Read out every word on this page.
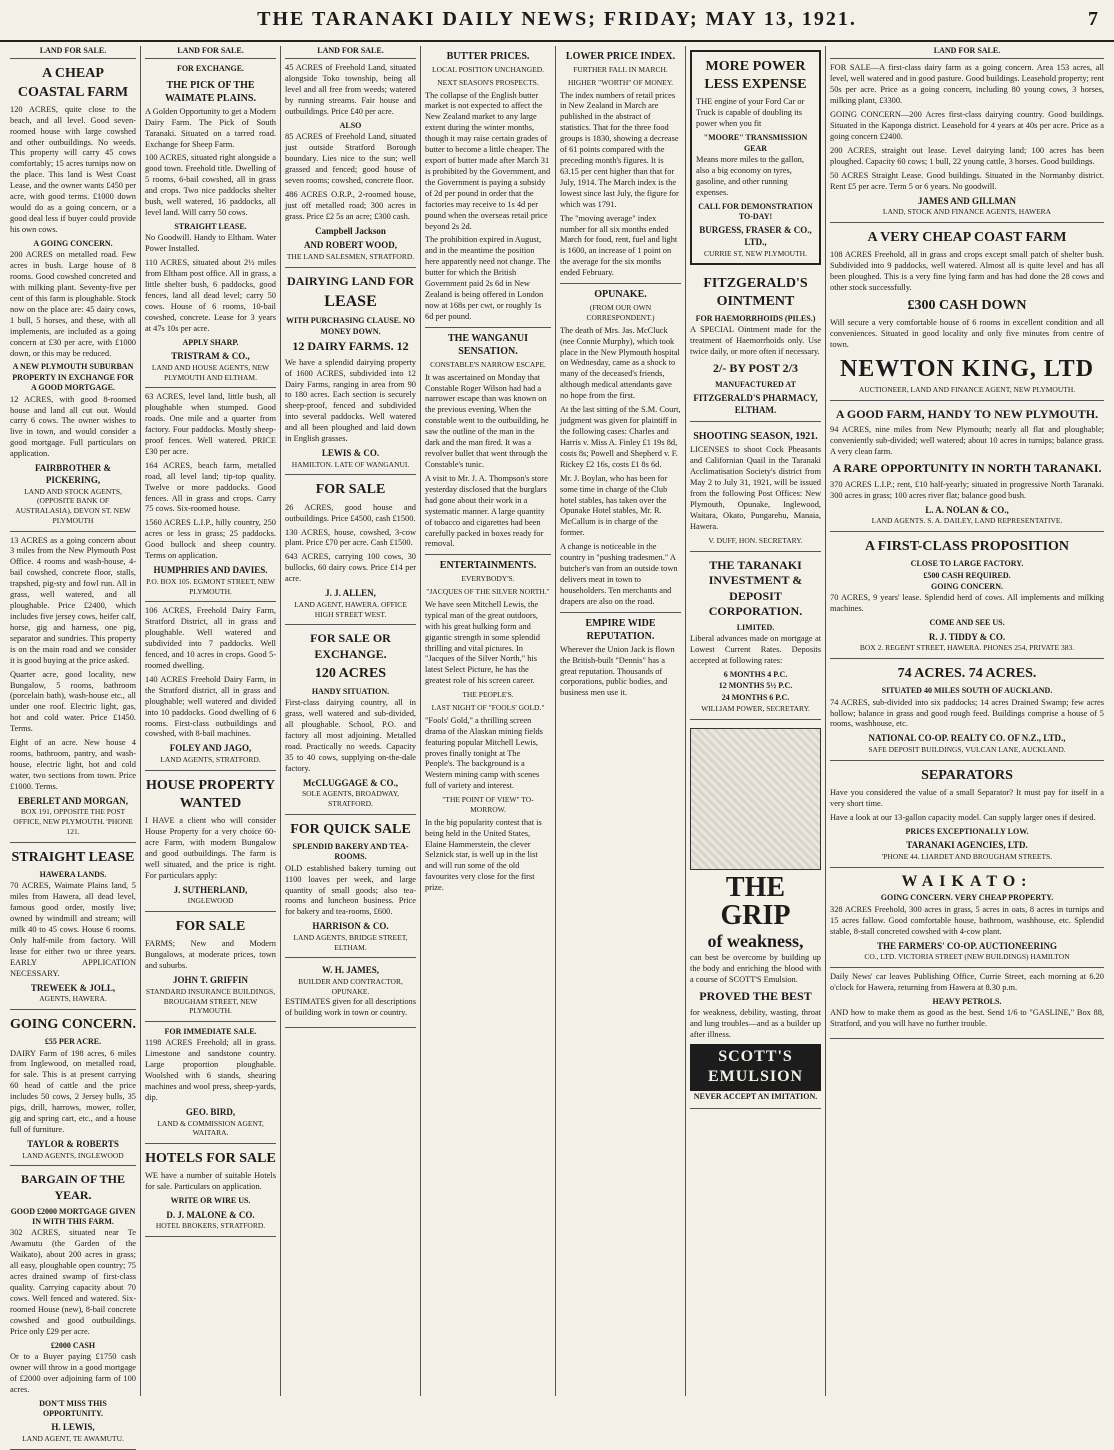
THE TARANAKI DAILY NEWS; FRIDAY; MAY 13, 1921.	7
LAND FOR SALE.
A CHEAP COASTAL FARM

120 ACRES, quite close to the beach, and all level. Good seven-roomed house with large cowshed and other outbuildings. No weeds. This property will carry 45 cows comfortably; 15 acres turnips now on the place. This land is West Coast Lease, and the owner wants £450 per acre, with good terms. £1000 down would do as a going concern, or a good deal less if buyer could provide his own cows.

A GOING CONCERN.

200 ACRES on metalled road. Few acres in bush. Large house of 8 rooms. Good cowshed concreted and with milking plant. Seventy-five per cent of this farm is ploughable. Stock now on the place are: 45 dairy cows, 1 bull, 5 horses, and these, with all implements, are included as a going concern at £30 per acre, with £1000 down, or this may be reduced.

A NEW PLYMOUTH SUBURBAN PROPERTY IN EXCHANGE FOR A GOOD MORTGAGE.

12 ACRES, with good 8-roomed house and land all cut out. Would carry 6 cows. The owner wishes to live in town, and would consider a good mortgage. Full particulars on application.

FAIRBROTHER & PICKERING,
LAND AND STOCK AGENTS, (OPPOSITE BANK OF AUSTRALASIA), DEVON ST. NEW PLYMOUTH

13 ACRES as a going concern about 3 miles from the New Plymouth Post Office. 4 rooms and wash-house, 4-bail cowshed, concrete floor, stalls, trapshed, pig-sty and fowl run. All in grass, well watered, and all ploughable. Price £2400, which includes five jersey cows, heifer calf, horse, gig and harness, one pig, separator and sundries. This property is on the main road and we consider it is good buying at the price asked.

Quarter acre, good locality, new Bungalow, 5 rooms, bathroom (porcelain bath), wash-house etc., all under one roof. Electric light, gas, hot and cold water. Price £1450. Terms.

Eight of an acre. New house 4 rooms, bathroom, pantry, and wash-house, electric light, hot and cold water, two sections from town. Price £1000. Terms.

EBERLET AND MORGAN,
BOX 191, OPPOSITE THE POST OFFICE, NEW PLYMOUTH. 'PHONE 121.
STRAIGHT LEASE
HAWERA LANDS.

70 ACRES, Waimate Plains land, 5 miles from Hawera, all dead level, famous good order, mostly live; owned by windmill and stream; will milk 40 to 45 cows. House 6 rooms. Only half-mile from factory. Will lease for either two or three years. EARLY APPLICATION NECESSARY.

TREWEEK & JOLL,
AGENTS, HAWERA.
GOING CONCERN.
£55 PER ACRE.

DAIRY Farm of 198 acres, 6 miles from Inglewood, on metalled road, for sale. This is at present carrying 60 head of cattle and the price includes 50 cows, 2 Jersey bulls, 35 pigs, drill, harrows, mower, roller, gig and spring cart, etc., and a house full of furniture.

TAYLOR & ROBERTS
LAND AGENTS, INGLEWOOD
BARGAIN OF THE YEAR.
GOOD £2000 MORTGAGE GIVEN IN WITH THIS FARM.

302 ACRES, situated near Te Awamutu (the Garden of the Waikato), about 200 acres in grass; all easy, ploughable open country; 75 acres drained swamp of first-class quality. Carrying capacity about 70 cows. Well fenced and watered. Six-roomed House (new), 8-bail concrete cowshed and good outbuildings. Price only £29 per acre.

£2000 CASH

Or to a Buyer paying £1750 cash owner will throw in a good mortgage of £2000 over adjoining farm of 100 acres.

DON'T MISS THIS OPPORTUNITY.
H. LEWIS,
LAND AGENT, TE AWAMUTU.
LAND FOR SALE.
FOR EXCHANGE.
THE PICK OF THE WAIMATE PLAINS.

A Golden Opportunity to get a Modern Dairy Farm. The Pick of South Taranaki. Situated on a tarred road. Exchange for Sheep Farm.

100 ACRES, situated right alongside a good town. Freehold title. Dwelling of 5 rooms, 6-bail cowshed, all in grass and crops. Two nice paddocks shelter bush, well watered, 16 paddocks, all level land. Will carry 50 cows.

STRAIGHT LEASE.

No Goodwill. Handy to Eltham. Water Power Installed.

110 ACRES, situated about 2½ miles from Eltham post office. All in grass, a little shelter bush, 6 paddocks, good fences, land all dead level; carry 50 cows. House of 6 rooms, 10-bail cowshed, concrete. Lease for 3 years at 47s 10s per acre.

APPLY SHARP.
TRISTRAM & CO.,
LAND AND HOUSE AGENTS, NEW PLYMOUTH AND ELTHAM.

63 ACRES, level land, little bush, all ploughable when stumped. Good roads. One mile and a quarter from factory. Four paddocks. Mostly sheep-proof fences. Well watered. PRICE £30 per acre.

164 ACRES, beach farm, metalled road, all level land; tip-top quality. Twelve or more paddocks. Good fences. All in grass and crops. Carry 75 cows. Six-roomed house.

1560 ACRES L.I.P., hilly country, 250 acres or less in grass; 25 paddocks. Good bullock and sheep country. Terms on application.

HUMPHRIES AND DAVIES.
P.O. BOX 105. EGMONT STREET, NEW PLYMOUTH.

106 ACRES, Freehold Dairy Farm, Stratford District, all in grass and ploughable. Well watered and subdivided into 7 paddocks. Well fenced, and 10 acres in crops. Good 5-roomed dwelling.

140 ACRES Freehold Dairy Farm, in the Stratford district, all in grass and ploughable; well watered and divided into 10 paddocks. Good dwelling of 6 rooms. First-class outbuildings and cowshed, with 8-bail machines.

FOLEY AND JAGO,
LAND AGENTS, STRATFORD.
HOUSE PROPERTY WANTED

I HAVE a client who will consider House Property for a very choice 60-acre Farm, with modern Bungalow and good outbuildings. The farm is well situated, and the price is right. For particulars apply:

J. SUTHERLAND,
INGLEWOOD
FOR SALE

FARMS; New and Modern Bungalows, at moderate prices, town and suburbs.

JOHN T. GRIFFIN
STANDARD INSURANCE BUILDINGS, BROUGHAM STREET, NEW PLYMOUTH.
FOR IMMEDIATE SALE.

1198 ACRES Freehold; all in grass. Limestone and sandstone country. Large proportion ploughable. Woolshed with 6 stands, shearing machines and wool press, sheep-yards, dip.

GEO. BIRD,
LAND & COMMISSION AGENT, WAITARA.
HOTELS FOR SALE

WE have a number of suitable Hotels for sale. Particulars on application.

WRITE OR WIRE US.
D. J. MALONE & CO.
HOTEL BROKERS, STRATFORD.
LAND FOR SALE.

45 ACRES of Freehold Land, situated alongside Toko township, being all level and all free from weeds; watered by running streams. Fair house and outbuildings. Price £40 per acre.

ALSO

85 ACRES of Freehold Land, situated just outside Stratford Borough boundary. Lies nice to the sun; well grassed and fenced; good house of seven rooms; cowshed, concrete floor.

486 ACRES O.R.P., 2-roomed house, just off metalled road; 300 acres in grass. Price £2 5s an acre; £300 cash.

Campbell Jackson
AND ROBERT WOOD,
THE LAND SALESMEN, STRATFORD.
DAIRYING LAND FOR
LEASE
WITH PURCHASING CLAUSE. NO MONEY DOWN.
12 DAIRY FARMS. 12

We have a splendid dairying property of 1600 ACRES, subdivided into 12 Dairy Farms, ranging in area from 90 to 180 acres. Each section is securely sheep-proof, fenced and subdivided into several paddocks. Well watered and all been ploughed and laid down in English grasses.

LEWIS & CO.
HAMILTON. LATE OF WANGANUI.
FOR SALE

26 ACRES, good house and outbuildings. Price £4500, cash £1500.

130 ACRES, house, cowshed, 3-cow plant. Price £70 per acre. Cash £1500.

643 ACRES, carrying 100 cows, 30 bullocks, 60 dairy cows. Price £14 per acre.

J. J. ALLEN,
LAND AGENT, HAWERA. OFFICE HIGH STREET WEST.
FOR SALE OR EXCHANGE.
120 ACRES
HANDY SITUATION.

First-class dairying country, all in grass, well watered and sub-divided, all ploughable. School, P.O. and factory all most adjoining. Metalled road. Practically no weeds. Capacity 35 to 40 cows, supplying on-the-dale factory.

McCLUGGAGE & CO.,
SOLE AGENTS, BROADWAY, STRATFORD.
FOR QUICK SALE
SPLENDID BAKERY AND TEA-ROOMS.

OLD established bakery turning out 1100 loaves per week, and large quantity of small goods; also tea-rooms and luncheon business. Price for bakery and tea-rooms, £600.

HARRISON & CO.
LAND AGENTS, BRIDGE STREET, ELTHAM.
W. H. JAMES,
BUILDER AND CONTRACTOR, OPUNAKE.

ESTIMATES given for all descriptions of building work in town or country.

BUTTER PRICES.
LOCAL POSITION UNCHANGED.
NEXT SEASON'S PROSPECTS.

The collapse of the English butter market is not expected to affect the New Zealand market to any large extent during the winter months, though it may raise certain grades of butter to become a little cheaper. The export of butter made after March 31 is prohibited by the Government, and the Government is paying a subsidy of 2d per pound in order that the factories may receive to 1s 4d per pound when the overseas retail price beyond 2s 2d.

The prohibition expired in August, and in the meantime the position here apparently need not change. The butter for which the British Government paid 2s 6d in New Zealand is being offered in London now at 168s per cwt, or roughly 1s 6d per pound.

THE WANGANUI SENSATION.
CONSTABLE'S NARROW ESCAPE.

It was ascertained on Monday that Constable Roger Wilson had had a narrower escape than was known on the previous evening. When the constable went to the outbuilding, he saw the outline of the man in the dark and the man fired. It was a revolver bullet that went through the Constable's tunic.

A visit to Mr. J. A. Thompson's store yesterday disclosed that the burglars had gone about their work in a systematic manner. A large quantity of tobacco and cigarettes had been carefully packed in boxes ready for removal.

ENTERTAINMENTS.
EVERYBODY'S.
"JACQUES OF THE SILVER NORTH."

We have seen Mitchell Lewis, the typical man of the great outdoors, with his great hulking form and gigantic strength in some splendid thrilling and vital pictures. In "Jacques of the Silver North," his latest Select Picture, he has the greatest role of his screen career.

THE PEOPLE'S.
LAST NIGHT OF "FOOLS' GOLD."

"Fools' Gold," a thrilling screen drama of the Alaskan mining fields featuring popular Mitchell Lewis, proves finally tonight at The People's. The background is a Western mining camp with scenes full of variety and interest.

"THE POINT OF VIEW" TO-MORROW.

In the big popularity contest that is being held in the United States, Elaine Hammerstein, the clever Selznick star, is well up in the list and will run some of the old favourites very close for the first prize.

LOWER PRICE INDEX.
FURTHER FALL IN MARCH.
HIGHER "WORTH" OF MONEY.

The index numbers of retail prices in New Zealand in March are published in the abstract of statistics. That for the three food groups is 1830, showing a decrease of 61 points compared with the preceding month's figures. It is 63.15 per cent higher than that for July, 1914. The March index is the lowest since last July, the figure for which was 1791.

The "moving average" index number for all six months ended March for food, rent, fuel and light is 1600, an increase of 1 point on the average for the six months ended February.

OPUNAKE.
(FROM OUR OWN CORRESPONDENT.)

The death of Mrs. Jas. McCluck (nee Connie Murphy), which took place in the New Plymouth hospital on Wednesday, came as a shock to many of the deceased's friends, although medical attendants gave no hope from the first.

At the last sitting of the S.M. Court, judgment was given for plaintiff in the following cases: Charles and Harris v. Miss A. Finley £1 19s 8d, costs 8s; Powell and Shepherd v. F. Rickey £2 16s, costs £1 8s 6d.

Mr. J. Boylan, who has been for some time in charge of the Club hotel stables, has taken over the Opunake Hotel stables, Mr. R. McCallum is in charge of the former.

A change is noticeable in the country in "pushing tradesmen." A butcher's van from an outside town delivers meat in town to householders. Ten merchants and drapers are also on the road.

EMPIRE WIDE REPUTATION.

Wherever the Union Jack is flown the British-built "Dennis" has a great reputation. Thousands of corporations, public bodies, and business men use it.

MORE POWER LESS EXPENSE

THE engine of your Ford Car or Truck is capable of doubling its power when you fit

"MOORE" TRANSMISSION GEAR

Means more miles to the gallon, also a big economy on tyres, gasoline, and other running expenses.

CALL FOR DEMONSTRATION TO-DAY!
BURGESS, FRASER & CO., LTD.,
CURRIE ST, NEW PLYMOUTH.
FITZGERALD'S OINTMENT
FOR HAEMORRHOIDS (PILES.)

A SPECIAL Ointment made for the treatment of Haemorrhoids only. Use twice daily, or more often if necessary.

2/- BY POST 2/3
MANUFACTURED AT
FITZGERALD'S PHARMACY, ELTHAM.
SHOOTING SEASON, 1921.

LICENSES to shoot Cock Pheasants and Californian Quail in the Taranaki Acclimatisation Society's district from May 2 to July 31, 1921, will be issued from the following Post Offices: New Plymouth, Opunake, Inglewood, Waitara, Okato, Pungarehu, Manaia, Hawera.

V. DUFF, HON. SECRETARY.
THE TARANAKI INVESTMENT & DEPOSIT CORPORATION.
LIMITED.

Liberal advances made on mortgage at Lowest Current Rates. Deposits accepted at following rates:

6 MONTHS 4 P.C.
12 MONTHS 5½ P.C.
24 MONTHS 6 P.C.
WILLIAM POWER, SECRETARY.
THE GRIP
of weakness,

can best be overcome by building up the body and enriching the blood with a course of SCOTT'S Emulsion.

PROVED THE BEST

for weakness, debility, wasting, throat and lung troubles—and as a builder up after illness.

SCOTT'S EMULSION
NEVER ACCEPT AN IMITATION.
LAND FOR SALE.

FOR SALE—A first-class dairy farm as a going concern. Area 153 acres, all level, well watered and in good pasture. Good buildings. Leasehold property; rent 50s per acre. Price as a going concern, including 80 young cows, 3 horses, milking plant, £3300.

GOING CONCERN—200 Acres first-class dairying country. Good buildings. Situated in the Kaponga district. Leasehold for 4 years at 40s per acre. Price as a going concern £2400.

200 ACRES, straight out lease. Level dairying land; 100 acres has been ploughed. Capacity 60 cows; 1 bull, 22 young cattle, 3 horses. Good buildings.

50 ACRES Straight Lease. Good buildings. Situated in the Normanby district. Rent £5 per acre. Term 5 or 6 years. No goodwill.

JAMES AND GILLMAN
LAND, STOCK AND FINANCE AGENTS, HAWERA
A VERY CHEAP COAST FARM

108 ACRES Freehold, all in grass and crops except small patch of shelter bush. Subdivided into 9 paddocks, well watered. Almost all is quite level and has all been ploughed. This is a very fine lying farm and has had done the 28 cows and other stock successfully.

£300 CASH DOWN

Will secure a very comfortable house of 6 rooms in excellent condition and all conveniences. Situated in good locality and only five minutes from centre of town.

NEWTON KING, LTD
AUCTIONEER, LAND AND FINANCE AGENT, NEW PLYMOUTH.
A GOOD FARM, HANDY TO NEW PLYMOUTH.

94 ACRES, nine miles from New Plymouth; nearly all flat and ploughable; conveniently sub-divided; well watered; about 10 acres in turnips; balance grass. A very clean farm.

A RARE OPPORTUNITY IN NORTH TARANAKI.

370 ACRES L.I.P.; rent, £10 half-yearly; situated in progressive North Taranaki. 300 acres in grass; 100 acres river flat; balance good bush.

L. A. NOLAN & CO.,
LAND AGENTS. S. A. DAILEY, LAND REPRESENTATIVE.
A FIRST-CLASS PROPOSITION
CLOSE TO LARGE FACTORY.
£500 CASH REQUIRED.
GOING CONCERN.

70 ACRES, 9 years' lease. Splendid herd of cows. All implements and milking machines.

COME AND SEE US.
R. J. TIDDY & CO.
BOX 2. REGENT STREET, HAWERA. PHONES 254, PRIVATE 383.
74 ACRES. 74 ACRES.
SITUATED 40 MILES SOUTH OF AUCKLAND.

74 ACRES, sub-divided into six paddocks; 14 acres Drained Swamp; few acres hollow; balance in grass and good rough feed. Buildings comprise a house of 5 rooms, washhouse, etc.

NATIONAL CO-OP. REALTY CO. OF N.Z., LTD.,
SAFE DEPOSIT BUILDINGS, VULCAN LANE, AUCKLAND.
SEPARATORS

Have you considered the value of a small Separator? It must pay for itself in a very short time.

Have a look at our 13-gallon capacity model. Can supply larger ones if desired.

PRICES EXCEPTIONALLY LOW.
TARANAKI AGENCIES, LTD.
'PHONE 44. LIARDET AND BROUGHAM STREETS.
WAIKATO:
GOING CONCERN. VERY CHEAP PROPERTY.

328 ACRES Freehold, 300 acres in grass, 5 acres in oats, 8 acres in turnips and 15 acres fallow. Good comfortable house, bathroom, washhouse, etc. Splendid stable, 8-stall concreted cowshed with 4-cow plant.

THE FARMERS' CO-OP. AUCTIONEERING
CO., LTD. VICTORIA STREET (NEW BUILDINGS) HAMILTON

Daily News' car leaves Publishing Office, Currie Street, each morning at 6.20 o'clock for Hawera, returning from Hawera at 8.30 p.m.

HEAVY PETROLS.

AND how to make them as good as the best. Send 1/6 to "GASLINE," Box 88, Stratford, and you will have no further trouble.
